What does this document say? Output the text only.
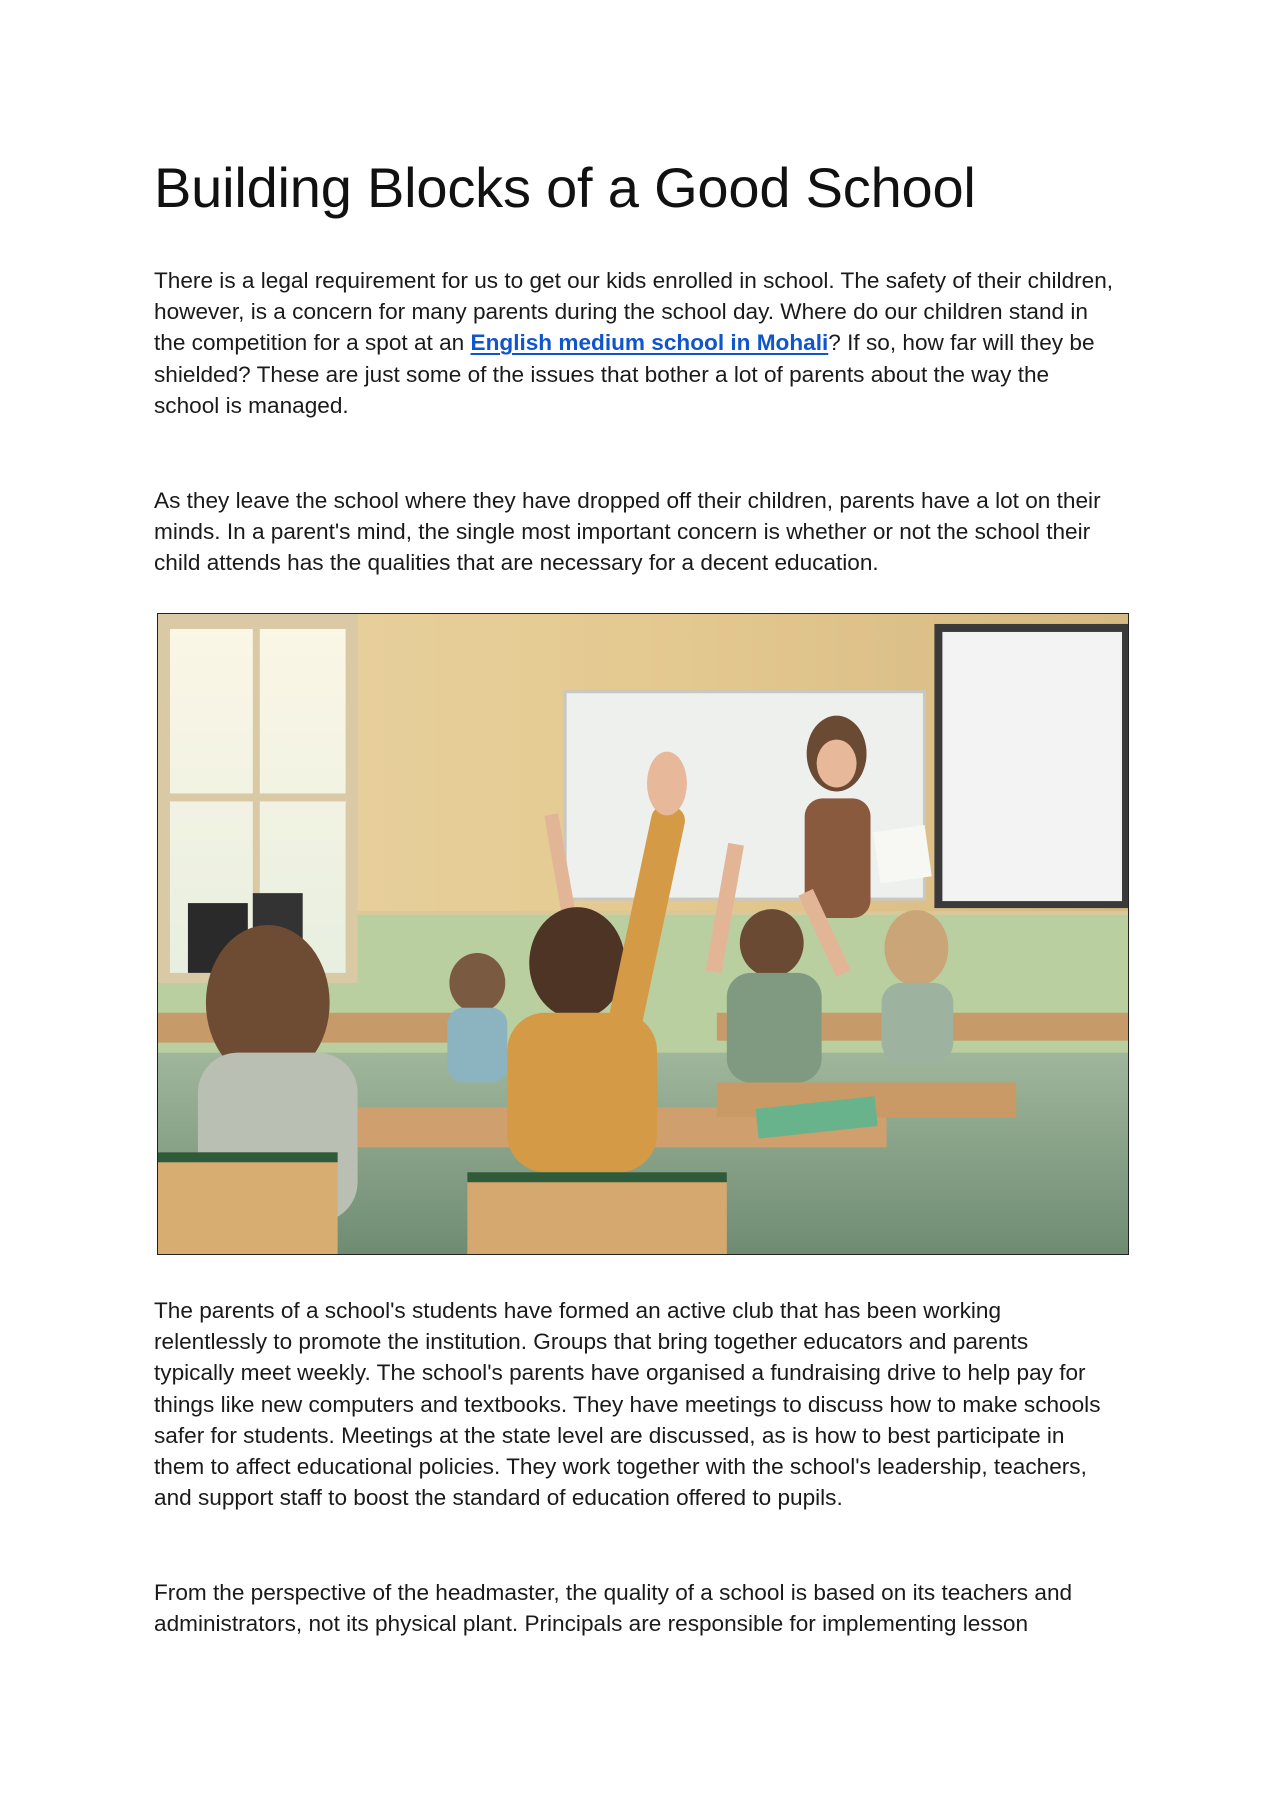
Building Blocks of a Good School

There is a legal requirement for us to get our kids enrolled in school. The safety of their children, however, is a concern for many parents during the school day. Where do our children stand in the competition for a spot at an English medium school in Mohali? If so, how far will they be shielded? These are just some of the issues that bother a lot of parents about the way the school is managed.

As they leave the school where they have dropped off their children, parents have a lot on their minds. In a parent's mind, the single most important concern is whether or not the school their child attends has the qualities that are necessary for a decent education.

The parents of a school's students have formed an active club that has been working relentlessly to promote the institution. Groups that bring together educators and parents typically meet weekly. The school's parents have organised a fundraising drive to help pay for things like new computers and textbooks. They have meetings to discuss how to make schools safer for students. Meetings at the state level are discussed, as is how to best participate in them to affect educational policies. They work together with the school's leadership, teachers, and support staff to boost the standard of education offered to pupils.

From the perspective of the headmaster, the quality of a school is based on its teachers and administrators, not its physical plant. Principals are responsible for implementing lesson
